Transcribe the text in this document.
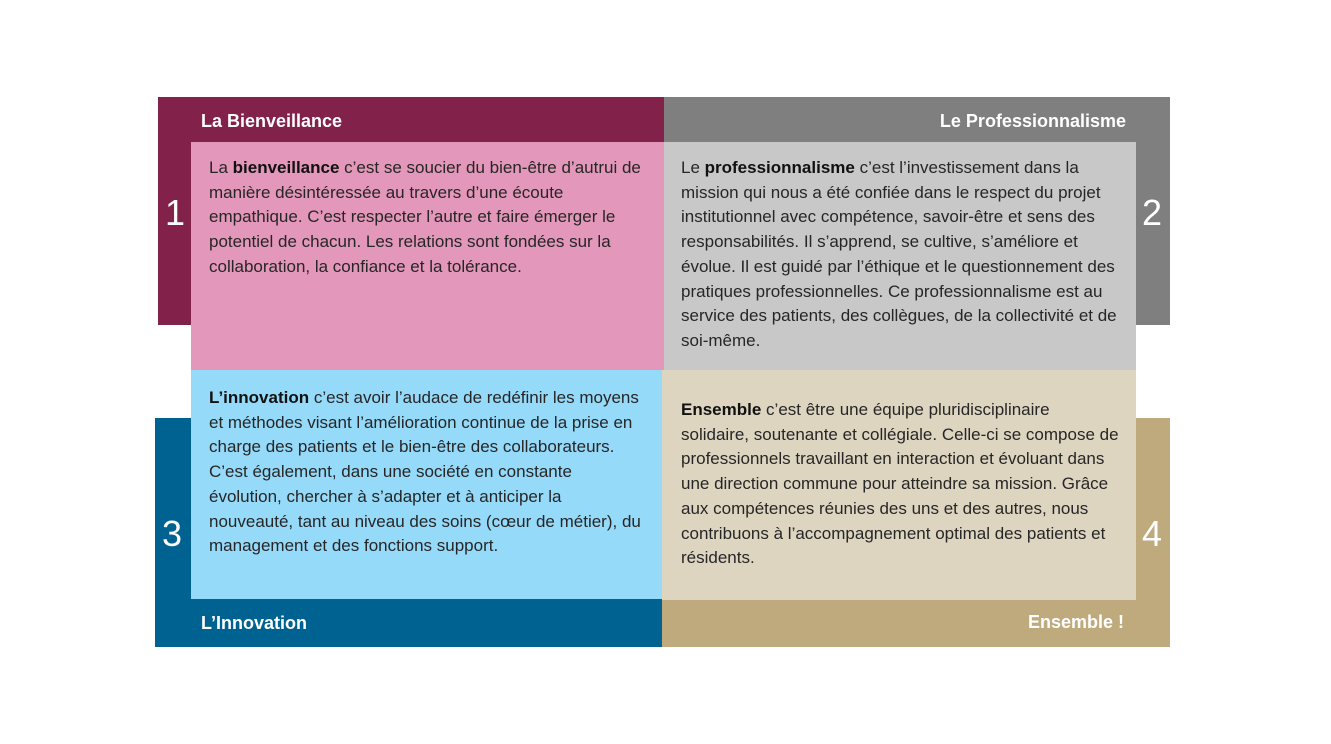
La Bienveillance	Le Professionnalisme
L’Innovation	Ensemble !
1	2
3	4

La bienveillance c’est se soucier du bien-être d’autrui de manière désintéressée au travers d’une écoute empathique. C’est respecter l’autre et faire émerger le potentiel de chacun. Les relations sont fondées sur la collaboration, la confiance et la tolérance.

Le professionnalisme c’est l’investissement dans la mission qui nous a été confiée dans le respect du projet institutionnel avec compétence, savoir-être et sens des responsabilités. Il s’apprend, se cultive, s’améliore et évolue. Il est guidé par l’éthique et le questionnement des pratiques professionnelles. Ce professionnalisme est au service des patients, des collègues, de la collectivité et de soi-même.

L’innovation c’est avoir l’audace de redéfinir les moyens et méthodes visant l’amélioration continue de la prise en charge des patients et le bien-être des collaborateurs.

C’est également, dans une société en constante évolution, chercher à s’adapter et à anticiper la nouveauté, tant au niveau des soins (cœur de métier), du management et des fonctions support.

Ensemble c’est être une équipe pluridisciplinaire solidaire, soutenante et collégiale. Celle-ci se compose de professionnels travaillant en interaction et évoluant dans une direction commune pour atteindre sa mission. Grâce aux compétences réunies des uns et des autres, nous contribuons à l’accompagnement optimal des patients et résidents.
